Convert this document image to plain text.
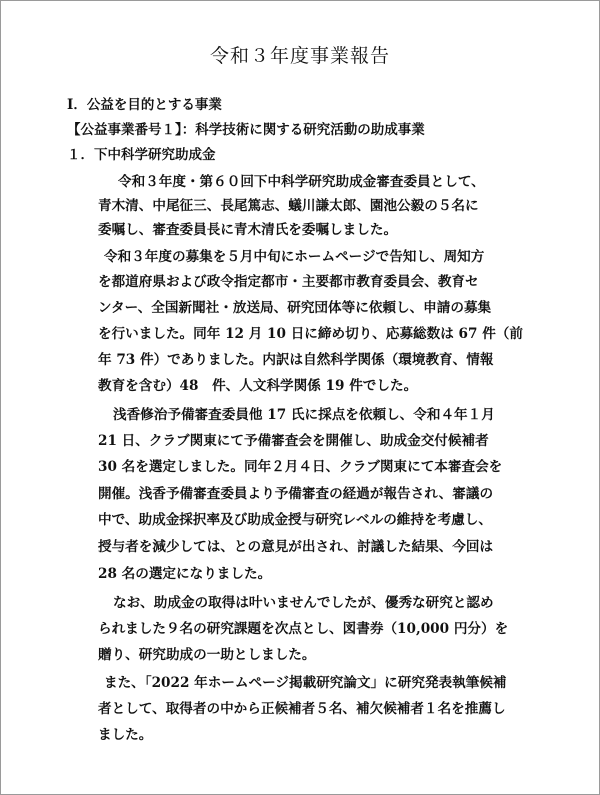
令和３年度事業報告
Ⅰ．公益を目的とする事業
【公益事業番号１】：科学技術に関する研究活動の助成事業
１．下中科学研究助成金
令和３年度・第６０回下中科学研究助成金審査委員として、
青木清、中尾征三、長尾篤志、蟻川謙太郎、園池公毅の５名に
委嘱し、審査委員長に青木清氏を委嘱しました。
令和３年度の募集を５月中旬にホームページで告知し、周知方
を都道府県および政令指定都市・主要都市教育委員会、教育セ
ンター、全国新聞社・放送局、研究団体等に依頼し、申請の募集
を行いました。同年 12 月 10 日に締め切り、応募総数は 67 件（前
年 73 件）でありました。内訳は自然科学関係（環境教育、情報
教育を含む）48　件、人文科学関係 19 件でした。
浅香修治予備審査委員他 17 氏に採点を依頼し、令和４年１月
21 日、クラブ関東にて予備審査会を開催し、助成金交付候補者
30 名を選定しました。同年２月４日、クラブ関東にて本審査会を
開催。浅香予備審査委員より予備審査の経過が報告され、審議の
中で、助成金採択率及び助成金授与研究レベルの維持を考慮し、
授与者を減少しては、との意見が出され、討議した結果、今回は
28 名の選定になりました。
なお、助成金の取得は叶いませんでしたが、優秀な研究と認め
られました９名の研究課題を次点とし、図書券（10,000 円分）を
贈り、研究助成の一助としました。
また、「2022 年ホームページ掲載研究論文」に研究発表執筆候補
者として、取得者の中から正候補者５名、補欠候補者１名を推薦し
ました。
